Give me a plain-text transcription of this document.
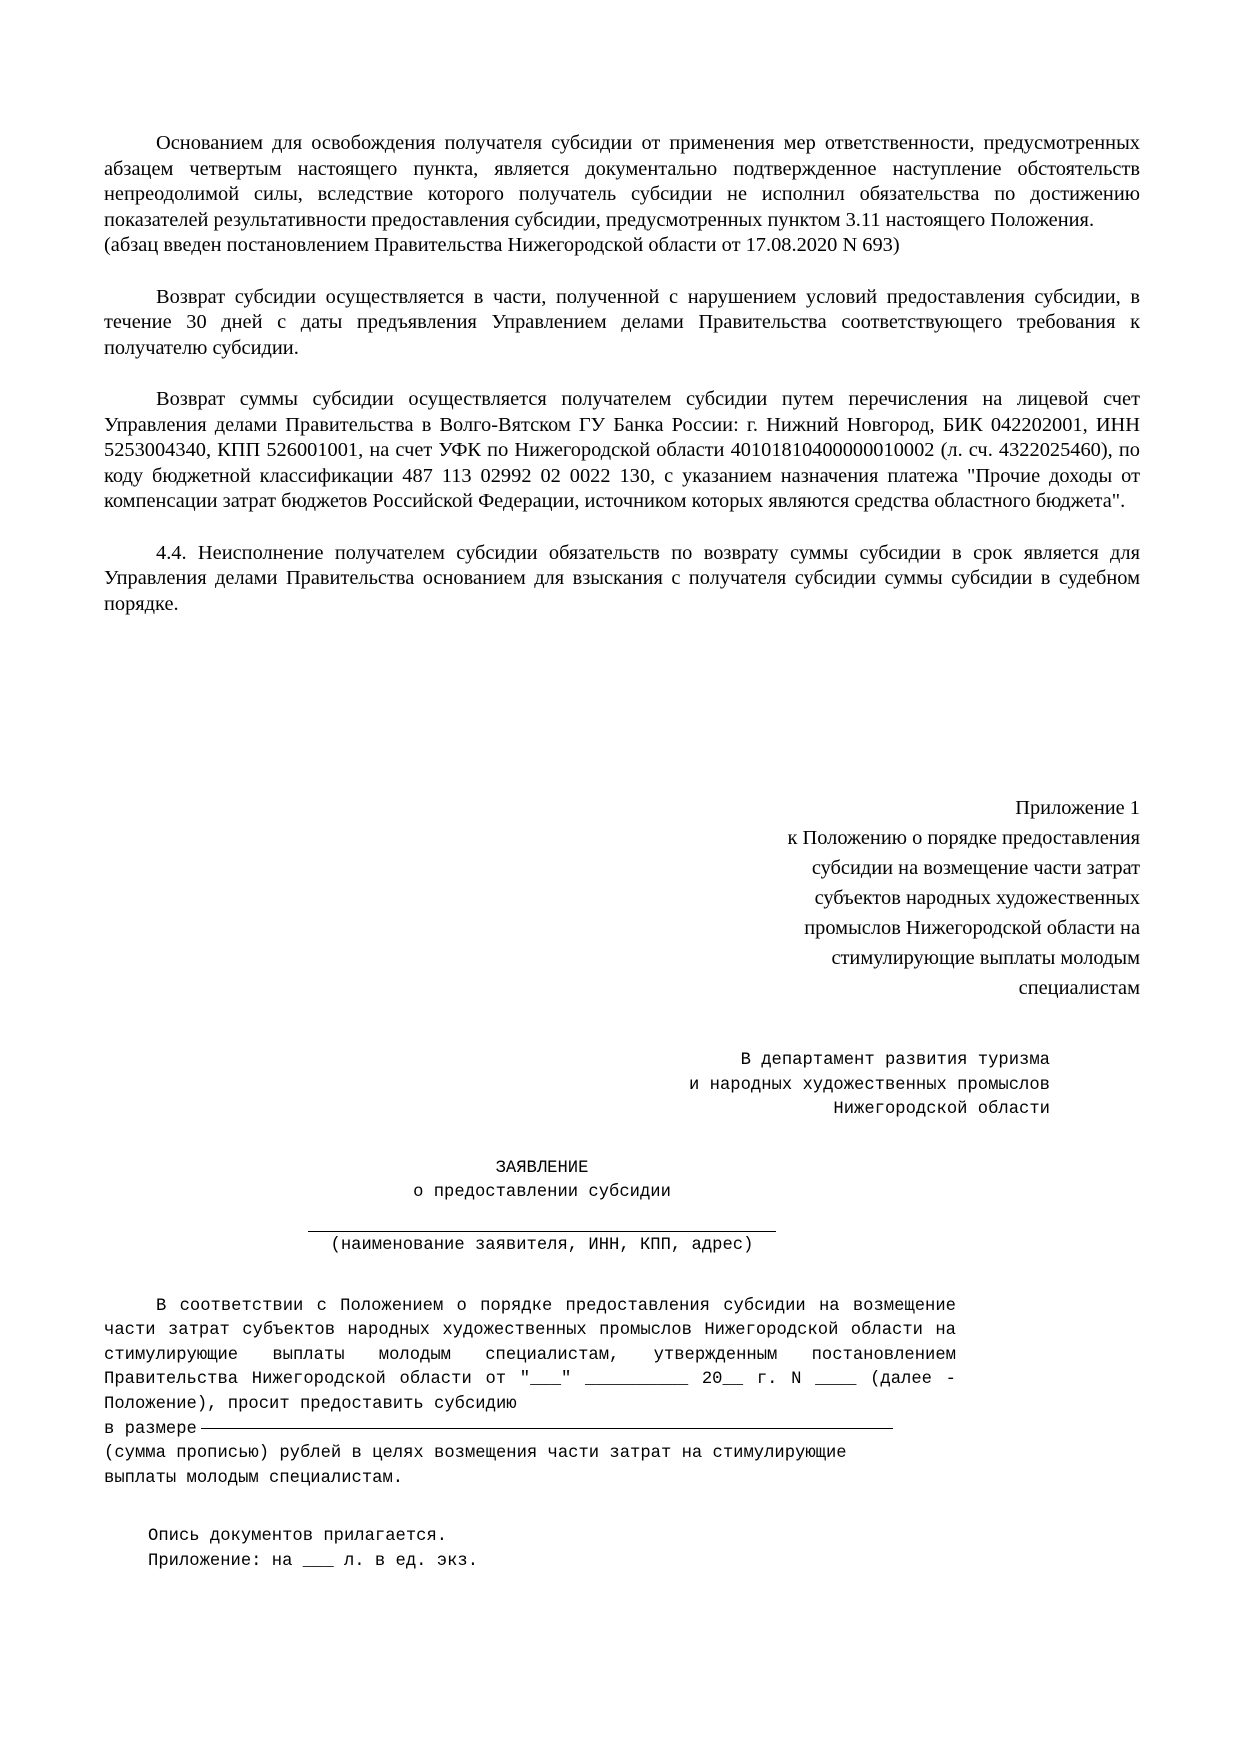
Основанием для освобождения получателя субсидии от применения мер ответственности, предусмотренных абзацем четвертым настоящего пункта, является документально подтвержденное наступление обстоятельств непреодолимой силы, вследствие которого получатель субсидии не исполнил обязательства по достижению показателей результативности предоставления субсидии, предусмотренных пунктом 3.11 настоящего Положения.

(абзац введен постановлением Правительства Нижегородской области от 17.08.2020 N 693)

Возврат субсидии осуществляется в части, полученной с нарушением условий предоставления субсидии, в течение 30 дней с даты предъявления Управлением делами Правительства соответствующего требования к получателю субсидии.

Возврат суммы субсидии осуществляется получателем субсидии путем перечисления на лицевой счет Управления делами Правительства в Волго-Вятском ГУ Банка России: г. Нижний Новгород, БИК 042202001, ИНН 5253004340, КПП 526001001, на счет УФК по Нижегородской области 40101810400000010002 (л. сч. 4322025460), по коду бюджетной классификации 487 113 02992 02 0022 130, с указанием назначения платежа "Прочие доходы от компенсации затрат бюджетов Российской Федерации, источником которых являются средства областного бюджета".

4.4. Неисполнение получателем субсидии обязательств по возврату суммы субсидии в срок является для Управления делами Правительства основанием для взыскания с получателя субсидии суммы субсидии в судебном порядке.

Приложение 1
к Положению о порядке предоставления
субсидии на возмещение части затрат
субъектов народных художественных
промыслов Нижегородской области на
стимулирующие выплаты молодым
специалистам
В департамент развития туризма
и народных художественных промыслов
Нижегородской области
ЗАЯВЛЕНИЕ
о предоставлении субсидии
(наименование заявителя, ИНН, КПП, адрес)

В соответствии с Положением о порядке предоставления субсидии на возмещение части затрат субъектов народных художественных промыслов Нижегородской области на стимулирующие выплаты молодым специалистам, утвержденным постановлением Правительства Нижегородской области от "___" __________ 20__ г. N ____ (далее - Положение), просит предоставить субсидию

в размере

(сумма прописью) рублей в целях возмещения части затрат на стимулирующие

выплаты молодым специалистам.

Опись документов прилагается.
Приложение: на ___ л. в ед. экз.
